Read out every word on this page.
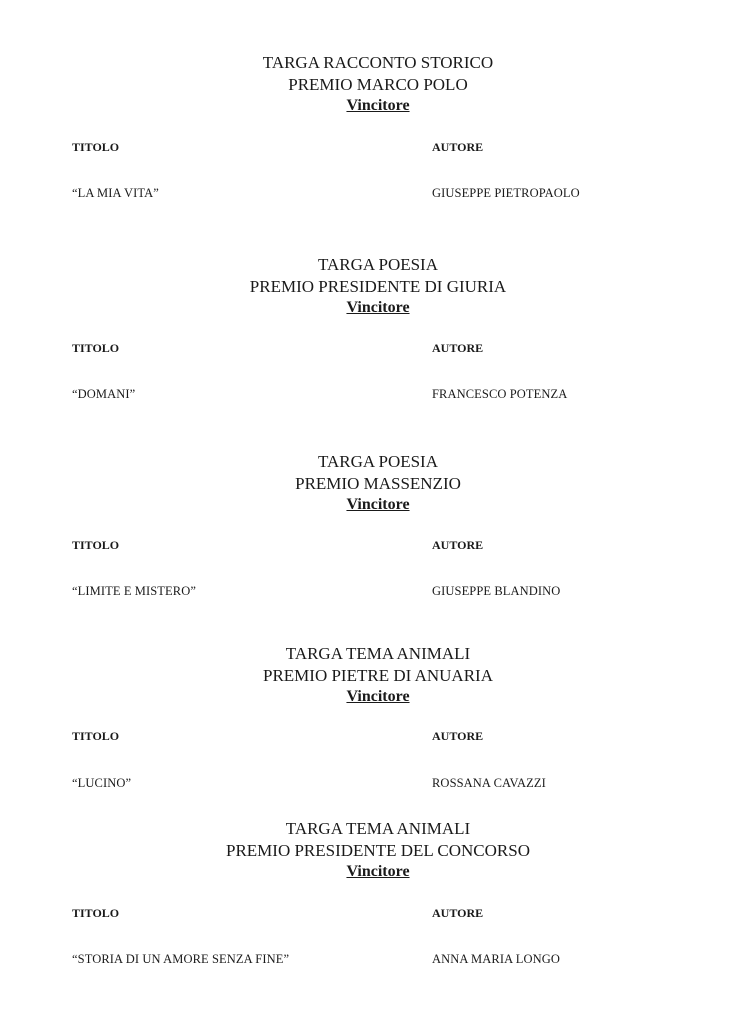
TARGA RACCONTO STORICO
PREMIO MARCO POLO
Vincitore
TITOLO	AUTORE
“LA MIA VITA”	GIUSEPPE PIETROPAOLO
TARGA POESIA
PREMIO PRESIDENTE DI GIURIA
Vincitore
TITOLO	AUTORE
“DOMANI”	FRANCESCO POTENZA
TARGA POESIA
PREMIO MASSENZIO
Vincitore
TITOLO	AUTORE
“LIMITE E MISTERO”	GIUSEPPE BLANDINO
TARGA TEMA ANIMALI
PREMIO PIETRE DI ANUARIA
Vincitore
TITOLO	AUTORE
“LUCINO”	ROSSANA CAVAZZI
TARGA TEMA ANIMALI
PREMIO PRESIDENTE DEL CONCORSO
Vincitore
TITOLO	AUTORE
“STORIA DI UN AMORE SENZA FINE”	ANNA MARIA LONGO
